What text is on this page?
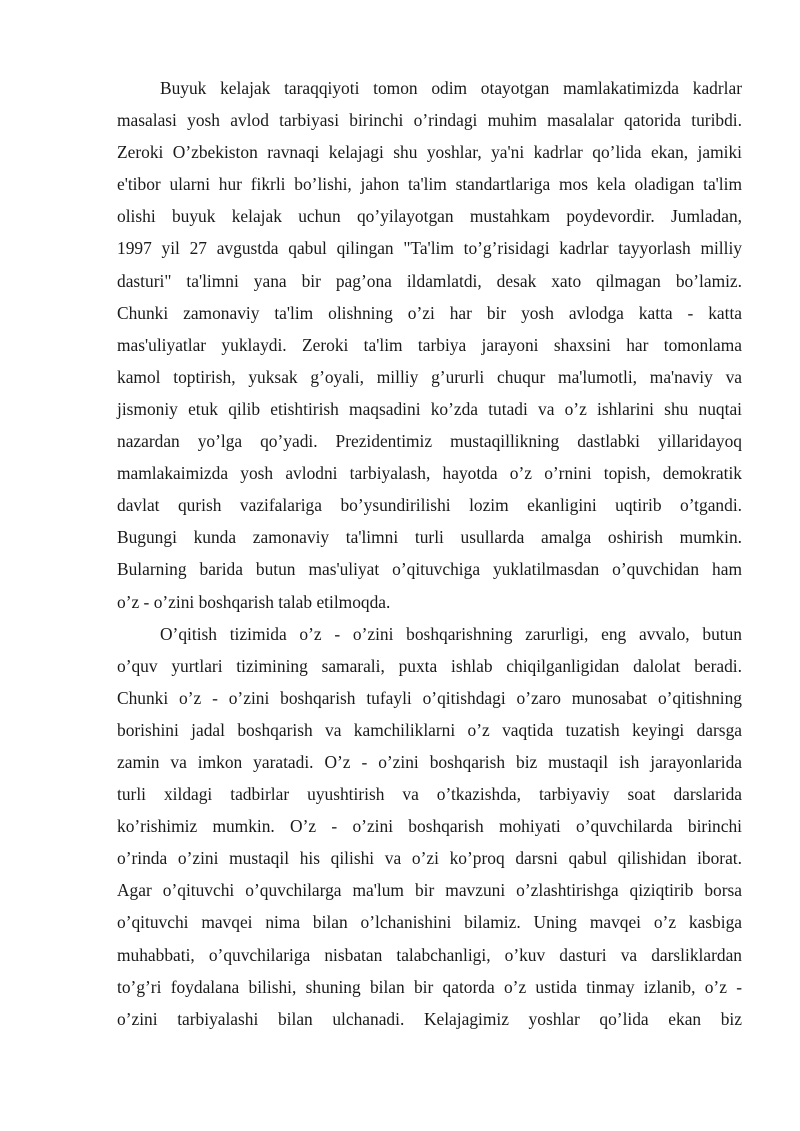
Buyuk kelajak taraqqiyoti tomon odim otayotgan mamlakatimizda kadrlar
masalasi yosh avlod tarbiyasi birinchi o’rindagi muhim masalalar qatorida turibdi.
Zeroki O’zbekiston ravnaqi kelajagi shu yoshlar, ya'ni kadrlar qo’lida ekan, jamiki
e'tibor ularni hur fikrli bo’lishi, jahon ta'lim standartlariga mos kela oladigan ta'lim
olishi buyuk kelajak uchun qo’yilayotgan mustahkam poydevordir. Jumladan,
1997 yil 27 avgustda qabul qilingan "Ta'lim to’g’risidagi kadrlar tayyorlash milliy
dasturi" ta'limni yana bir pag’ona ildamlatdi, desak xato qilmagan bo’lamiz.
Chunki zamonaviy ta'lim olishning o’zi har bir yosh avlodga katta - katta
mas'uliyatlar yuklaydi. Zeroki ta'lim tarbiya jarayoni shaxsini har tomonlama
kamol toptirish, yuksak g’oyali, milliy g’ururli chuqur ma'lumotli, ma'naviy va
jismoniy etuk qilib etishtirish maqsadini ko’zda tutadi va o’z ishlarini shu nuqtai
nazardan yo’lga qo’yadi. Prezidentimiz mustaqillikning dastlabki yillaridayoq
mamlakaimizda yosh avlodni tarbiyalash, hayotda o’z o’rnini topish, demokratik
davlat qurish vazifalariga bo’ysundirilishi lozim ekanligini uqtirib o’tgandi.
Bugungi kunda zamonaviy ta'limni turli usullarda amalga oshirish mumkin.
Bularning barida butun mas'uliyat o’qituvchiga yuklatilmasdan o’quvchidan ham
o’z - o’zini boshqarish talab etilmoqda.
O’qitish tizimida o’z - o’zini boshqarishning zarurligi, eng avvalo, butun
o’quv yurtlari tizimining samarali, puxta ishlab chiqilganligidan dalolat beradi.
Chunki o’z - o’zini boshqarish tufayli o’qitishdagi o’zaro munosabat o’qitishning
borishini jadal boshqarish va kamchiliklarni o’z vaqtida tuzatish keyingi darsga
zamin va imkon yaratadi. O’z - o’zini boshqarish biz mustaqil ish jarayonlarida
turli xildagi tadbirlar uyushtirish va o’tkazishda, tarbiyaviy soat darslarida
ko’rishimiz mumkin. O’z - o’zini boshqarish mohiyati o’quvchilarda birinchi
o’rinda o’zini mustaqil his qilishi va o’zi ko’proq darsni qabul qilishidan iborat.
Agar o’qituvchi o’quvchilarga ma'lum bir mavzuni o’zlashtirishga qiziqtirib borsa
o’qituvchi mavqei nima bilan o’lchanishini bilamiz. Uning mavqei o’z kasbiga
muhabbati, o’quvchilariga nisbatan talabchanligi, o’kuv dasturi va darsliklardan
to’g’ri foydalana bilishi, shuning bilan bir qatorda o’z ustida tinmay izlanib, o’z -
o’zini tarbiyalashi bilan ulchanadi. Kelajagimiz yoshlar qo’lida ekan biz
